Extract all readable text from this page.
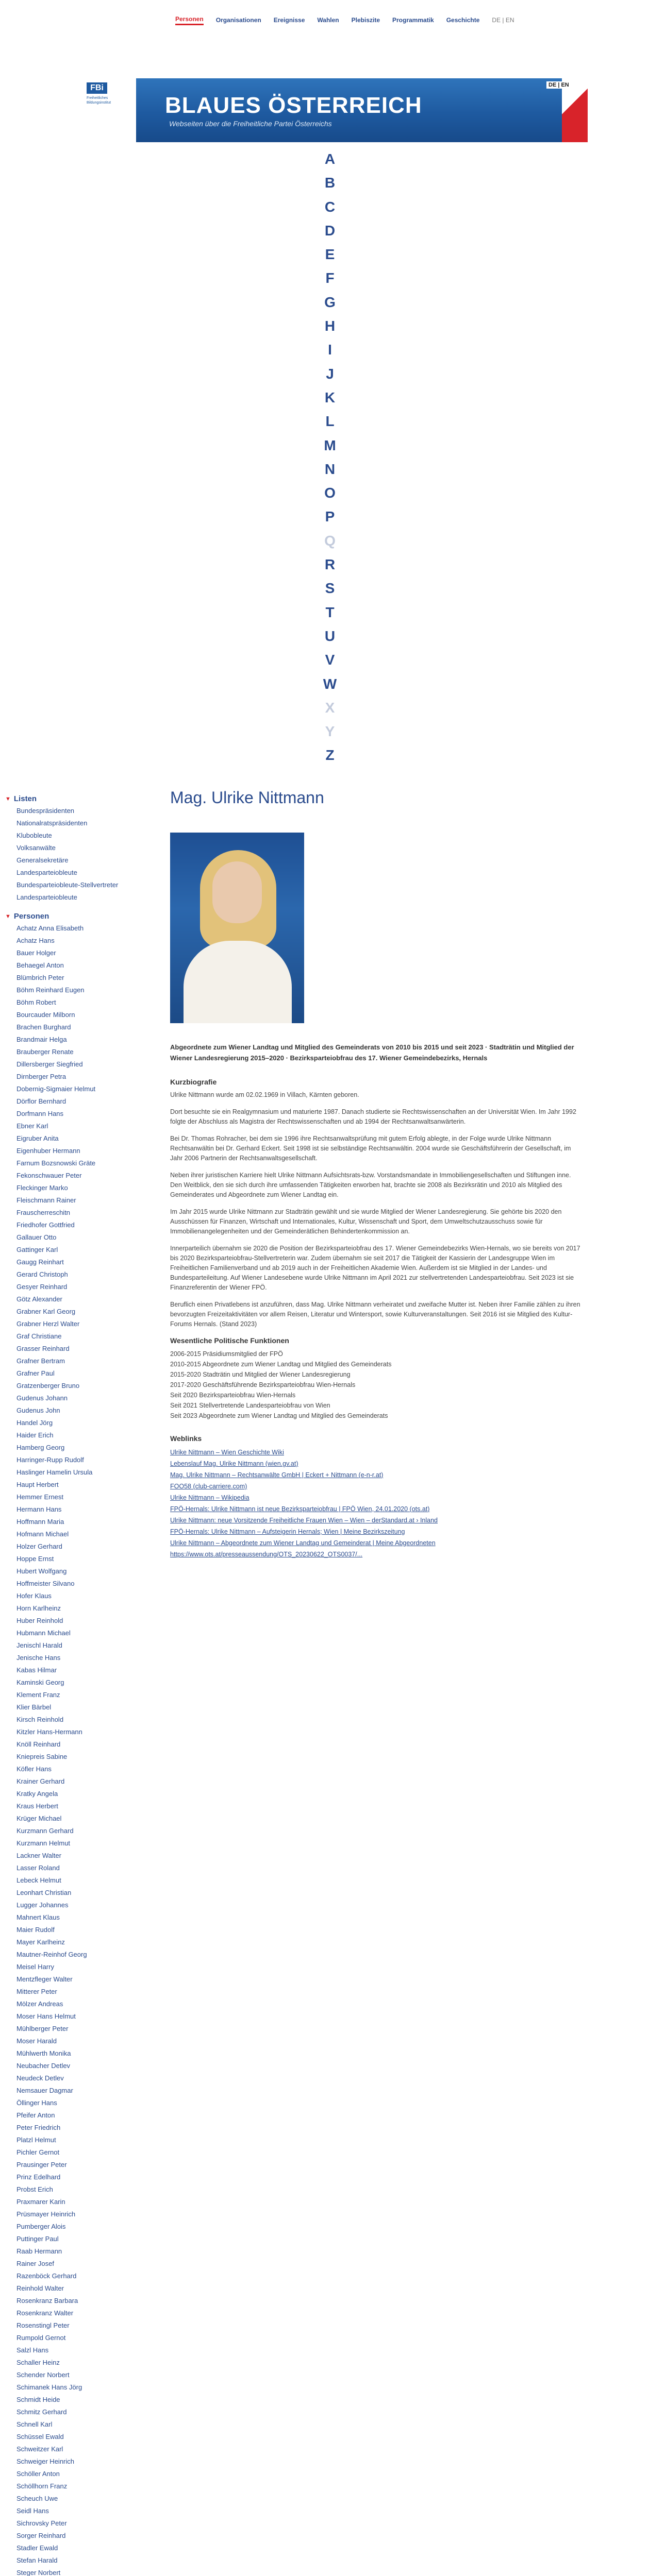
Personen Organisationen Ereignisse Wahlen Plebiszite Programmatik Geschichte DE | EN
FBi
Freiheitliches Bildungsinstitut	BLAUES ÖSTERREICH
Webseiten über die Freiheitliche Partei Österreichs
DE | EN
A
B
C
D
E
F
G
H
I
J
K
L
M
N
O
P
Q
R
S
T
U
V
W
X
Y
Z
▼ Listen
Bundespräsidenten
Nationalratspräsidenten
Klubobleute
Volksanwälte
Generalsekretäre
Landesparteiobleute
Bundesparteiobleute-Stellvertreter
Landesparteiobleute
▼ Personen
Achatz Anna Elisabeth
Achatz Hans
Bauer Holger
Behaegel Anton
Blümbrich Peter
Böhm Reinhard Eugen
Böhm Robert
Bourcauder Milborn
Brachen Burghard
Brandmair Helga
Brauberger Renate
Dillersberger Siegfried
Dirnberger Petra
Dobernig-Sigmaier Helmut
Dörflor Bernhard
Dorfmann Hans
Ebner Karl
Eigruber Anita
Eigenhuber Hermann
Farnum Bozsnowski Gräte
Fekonschwauer Peter
Fleckinger Marko
Fleischmann Rainer
Frauscherreschitn
Friedhofer Gottfried
Gallauer Otto
Gattinger Karl
Gaugg Reinhart
Gerard Christoph
Gesyer Reinhard
Götz Alexander
Grabner Karl Georg
Grabner Herzl Walter
Graf Christiane
Grasser Reinhard
Grafner Bertram
Grafner Paul
Gratzenberger Bruno
Gudenus Johann
Gudenus John
Handel Jörg
Haider Erich
Hamberg Georg
Harringer-Rupp Rudolf
Haslinger Hamelin Ursula
Haupt Herbert
Hemmer Ernest
Hermann Hans
Hoffmann Maria
Hofmann Michael
Holzer Gerhard
Hoppe Ernst
Hubert Wolfgang
Hoffmeister Silvano
Hofer Klaus
Horn Karlheinz
Huber Reinhold
Hubmann Michael
Jenischl Harald
Jenische Hans
Kabas Hilmar
Kaminski Georg
Klement Franz
Klier Bärbel
Kirsch Reinhold
Kitzler Hans-Hermann
Knöll Reinhard
Kniepreis Sabine
Köfler Hans
Krainer Gerhard
Kratky Angela
Kraus Herbert
Krüger Michael
Kurzmann Gerhard
Kurzmann Helmut
Lackner Walter
Lasser Roland
Lebeck Helmut
Leonhart Christian
Lugger Johannes
Mahnert Klaus
Maier Rudolf
Mayer Karlheinz
Mautner-Reinhof Georg
Meisel Harry
Mentzfleger Walter
Mitterer Peter
Mölzer Andreas
Moser Hans Helmut
Mühlberger Peter
Moser Harald
Mühlwerth Monika
Neubacher Detlev
Neudeck Detlev
Nemsauer Dagmar
Öllinger Hans
Pfeifer Anton
Peter Friedrich
Platzl Helmut
Pichler Gernot
Prausinger Peter
Prinz Edelhard
Probst Erich
Praxmarer Karin
Prüsmayer Heinrich
Pumberger Alois
Puttinger Paul
Raab Hermann
Rainer Josef
Razenböck Gerhard
Reinhold Walter
Rosenkranz Barbara
Rosenkranz Walter
Rosenstingl Peter
Rumpold Gernot
Salzl Hans
Schaller Heinz
Schender Norbert
Schimanek Hans Jörg
Schmidt Heide
Schmitz Gerhard
Schnell Karl
Schüssel Ewald
Schweitzer Karl
Schweiger Heinrich
Schöller Anton
Schöllhorn Franz
Scheuch Uwe
Seidl Hans
Sichrovsky Peter
Sorger Reinhard
Stadler Ewald
Stefan Harald
Steger Norbert
Mag. Ulrike Nittmann

Abgeordnete zum Wiener Landtag und Mitglied des Gemeinderats von 2010 bis 2015 und seit 2023 · Stadträtin und Mitglied der Wiener Landesregierung 2015–2020 · Bezirksparteiobfrau des 17. Wiener Gemeindebezirks, Hernals

Kurzbiografie

Ulrike Nittmann wurde am 02.02.1969 in Villach, Kärnten geboren.

Dort besuchte sie ein Realgymnasium und maturierte 1987. Danach studierte sie Rechtswissenschaften an der Universität Wien. Im Jahr 1992 folgte der Abschluss als Magistra der Rechtswissenschaften und ab 1994 der Rechtsanwaltsanwärterin.

Bei Dr. Thomas Rohracher, bei dem sie 1996 ihre Rechtsanwaltsprüfung mit gutem Erfolg ablegte, in der Folge wurde Ulrike Nittmann Rechtsanwältin bei Dr. Gerhard Eckert. Seit 1998 ist sie selbständige Rechtsanwältin. 2004 wurde sie Geschäftsführerin der Gesellschaft, im Jahr 2006 Partnerin der Rechtsanwaltsgesellschaft.

Neben ihrer juristischen Karriere hielt Ulrike Nittmann Aufsichtsrats-bzw. Vorstandsmandate in Immobiliengesellschaften und Stiftungen inne. Den Weitblick, den sie sich durch ihre umfassenden Tätigkeiten erworben hat, brachte sie 2008 als Bezirksrätin und 2010 als Mitglied des Gemeinderates und Abgeordnete zum Wiener Landtag ein.

Im Jahr 2015 wurde Ulrike Nittmann zur Stadträtin gewählt und sie wurde Mitglied der Wiener Landesregierung. Sie gehörte bis 2020 den Ausschüssen für Finanzen, Wirtschaft und Internationales, Kultur, Wissenschaft und Sport, dem Umweltschutzausschuss sowie für Immobilienangelegenheiten und der Gemeinderätlichen Behindertenkommission an.

Innerparteilich übernahm sie 2020 die Position der Bezirksparteiobfrau des 17. Wiener Gemeindebezirks Wien-Hernals, wo sie bereits von 2017 bis 2020 Bezirksparteiobfrau-Stellvertreterin war. Zudem übernahm sie seit 2017 die Tätigkeit der Kassierin der Landesgruppe Wien im Freiheitlichen Familienverband und ab 2019 auch in der Freiheitlichen Akademie Wien. Außerdem ist sie Mitglied in der Landes- und Bundesparteileitung. Auf Wiener Landesebene wurde Ulrike Nittmann im April 2021 zur stellvertretenden Landesparteiobfrau. Seit 2023 ist sie Finanzreferentin der Wiener FPÖ.

Beruflich einen Privatlebens ist anzuführen, dass Mag. Ulrike Nittmann verheiratet und zweifache Mutter ist. Neben ihrer Familie zählen zu ihren bevorzugten Freizeitaktivitäten vor allem Reisen, Literatur und Wintersport, sowie Kulturveranstaltungen. Seit 2016 ist sie Mitglied des Kultur-Forums Hernals. (Stand 2023)

Wesentliche Politische Funktionen
2006-2015 Präsidiumsmitglied der FPÖ
2010-2015 Abgeordnete zum Wiener Landtag und Mitglied des Gemeinderats
2015-2020 Stadträtin und Mitglied der Wiener Landesregierung
2017-2020 Geschäftsführende Bezirksparteiobfrau Wien-Hernals
Seit 2020 Bezirksparteiobfrau Wien-Hernals
Seit 2021 Stellvertretende Landesparteiobfrau von Wien
Seit 2023 Abgeordnete zum Wiener Landtag und Mitglied des Gemeinderats
Weblinks
Ulrike Nittmann – Wien Geschichte Wiki
Lebenslauf Mag. Ulrike Nittmann (wien.gv.at)
Mag. Ulrike Nittmann – Rechtsanwälte GmbH | Eckert + Nittmann (e-n-r.at)
FOO58 (club-carriere.com)
Ulrike Nittmann – Wikipedia
FPÖ-Hernals: Ulrike Nittmann ist neue Bezirksparteiobfrau | FPÖ Wien, 24.01.2020 (ots.at)
Ulrike Nittmann: neue Vorsitzende Freiheitliche Frauen Wien – Wien – derStandard.at › Inland
FPÖ-Hernals: Ulrike Nittmann – Aufsteigerin Hernals; Wien | Meine Bezirkszeitung
Ulrike Nittmann – Abgeordnete zum Wiener Landtag und Gemeinderat | Meine Abgeordneten
https://www.ots.at/presseaussendung/OTS_20230622_OTS0037/...
